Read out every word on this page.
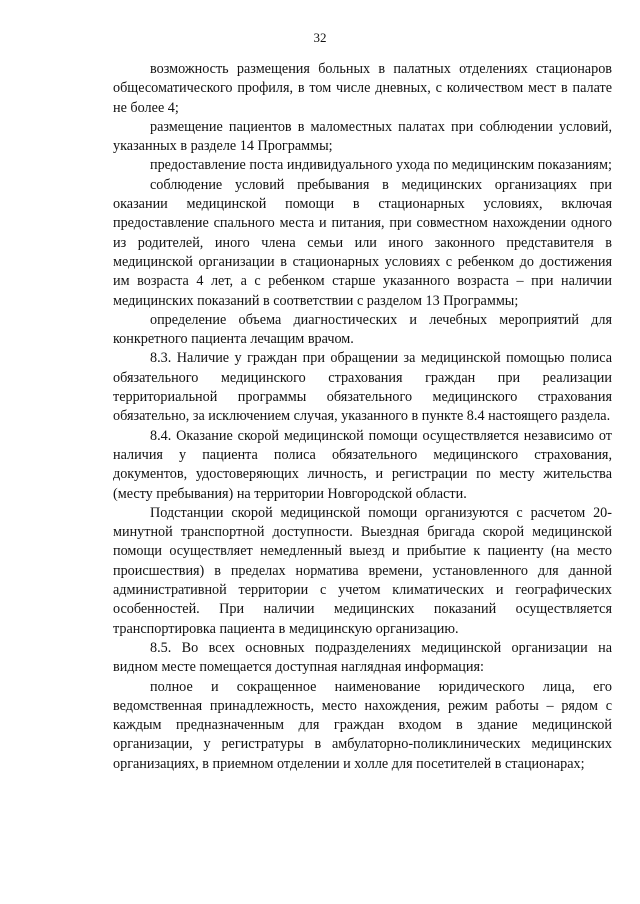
32

возможность размещения больных в палатных отделениях стационаров общесоматического профиля, в том числе дневных, с количеством мест в палате не более 4;

размещение пациентов в маломестных палатах при соблюдении условий, указанных в разделе 14 Программы;

предоставление поста индивидуального ухода по медицинским показаниям;

соблюдение условий пребывания в медицинских организациях при оказании медицинской помощи в стационарных условиях, включая предоставление спального места и питания, при совместном нахождении одного из родителей, иного члена семьи или иного законного представителя в медицинской организации в стационарных условиях с ребенком до достижения им возраста 4 лет, а с ребенком старше указанного возраста – при наличии медицинских показаний в соответствии с разделом 13 Программы;

определение объема диагностических и лечебных мероприятий для конкретного пациента лечащим врачом.

8.3. Наличие у граждан при обращении за медицинской помощью полиса обязательного медицинского страхования граждан при реализации территориальной программы обязательного медицинского страхования обязательно, за исключением случая, указанного в пункте 8.4 настоящего раздела.

8.4. Оказание скорой медицинской помощи осуществляется независимо от наличия у пациента полиса обязательного медицинского страхования, документов, удостоверяющих личность, и регистрации по месту жительства (месту пребывания) на территории Новгородской области.

Подстанции скорой медицинской помощи организуются с расчетом 20-минутной транспортной доступности. Выездная бригада скорой медицинской помощи осуществляет немедленный выезд и прибытие к пациенту (на место происшествия) в пределах норматива времени, установленного для данной административной территории с учетом климатических и географических особенностей. При наличии медицинских показаний осуществляется транспортировка пациента в медицинскую организацию.

8.5. Во всех основных подразделениях медицинской организации на видном месте помещается доступная наглядная информация:

полное и сокращенное наименование юридического лица, его ведомственная принадлежность, место нахождения, режим работы – рядом с каждым предназначенным для граждан входом в здание медицинской организации, у регистратуры в амбулаторно-поликлинических медицинских организациях, в приемном отделении и холле для посетителей в стационарах;
